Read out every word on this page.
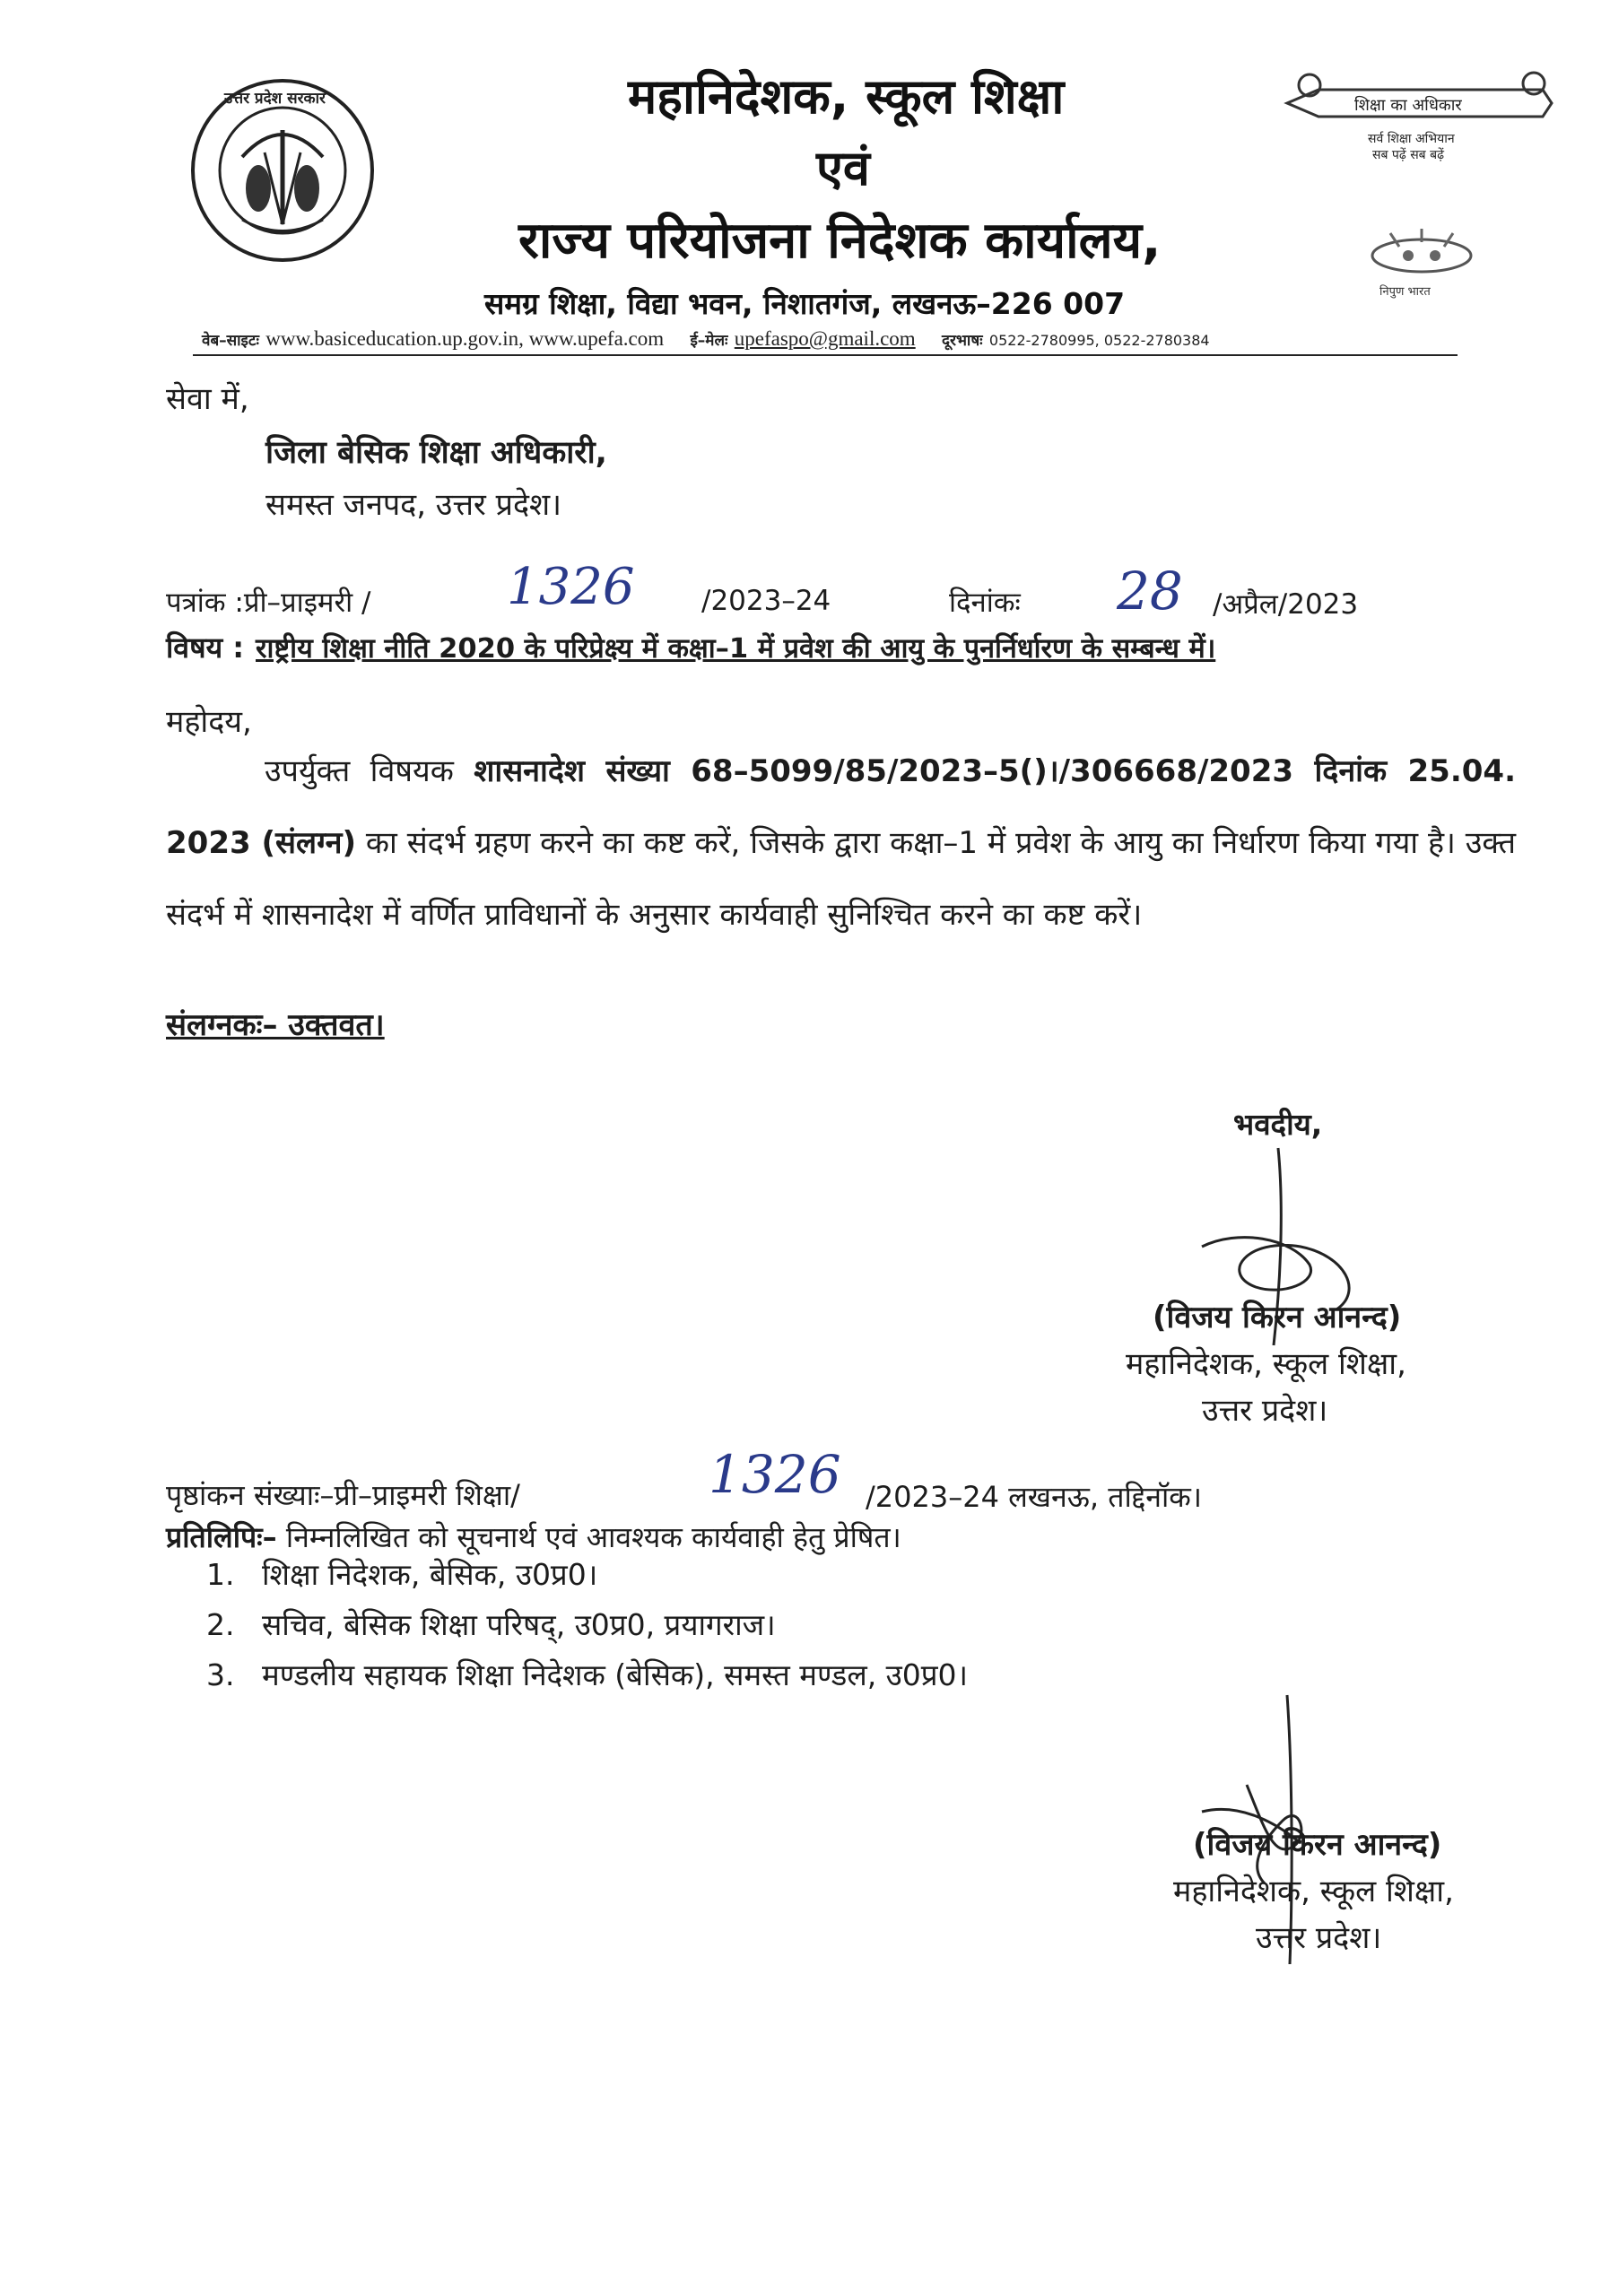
उत्तर प्रदेश सरकार	महानिदेशक, स्कूल शिक्षा
एवं
राज्य परियोजना निदेशक कार्यालय,
समग्र शिक्षा, विद्या भवन, निशातगंज, लखनऊ–226 007
शिक्षा का अधिकार
सर्व शिक्षा अभियान
सब पढ़ें सब बढ़ें
निपुण भारत
वेब–साइटः www.basiceducation.up.gov.in, www.upefa.com ई–मेलः upefaspo@gmail.com दूरभाषः 0522-2780995, 0522-2780384
सेवा में,
जिला बेसिक शिक्षा अधिकारी,
समस्त जनपद, उत्तर प्रदेश।
पत्रांक :प्री–प्राइमरी /	1326 /2023–24	दिनांकः 28 /अप्रैल/2023
विषय : राष्ट्रीय शिक्षा नीति 2020 के परिप्रेक्ष्य में कक्षा–1 में प्रवेश की आयु के पुनर्निर्धारण के सम्बन्ध में।
महोदय,
उपर्युक्त विषयक शासनादेश संख्या 68–5099/85/2023–5()।/306668/2023 दिनांक 25.04. 2023 (संलग्न) का संदर्भ ग्रहण करने का कष्ट करें, जिसके द्वारा कक्षा–1 में प्रवेश के आयु का निर्धारण किया गया है। उक्त संदर्भ में शासनादेश में वर्णित प्राविधानों के अनुसार कार्यवाही सुनिश्चित करने का कष्ट करें।
संलग्नकः– उक्तवत।
भवदीय,
(विजय किरन आनन्द)
महानिदेशक, स्कूल शिक्षा,
उत्तर प्रदेश।
पृष्ठांकन संख्याः–प्री–प्राइमरी शिक्षा/	1326 /2023–24 लखनऊ, तद्दिनॉक।
प्रतिलिपिः– निम्नलिखित को सूचनार्थ एवं आवश्यक कार्यवाही हेतु प्रेषित।
1. शिक्षा निदेशक, बेसिक, उ0प्र0।
2. सचिव, बेसिक शिक्षा परिषद्, उ0प्र0, प्रयागराज।
3. मण्डलीय सहायक शिक्षा निदेशक (बेसिक), समस्त मण्डल, उ0प्र0।
(विजय किरन आनन्द)
महानिदेशक, स्कूल शिक्षा,
उत्तर प्रदेश।
